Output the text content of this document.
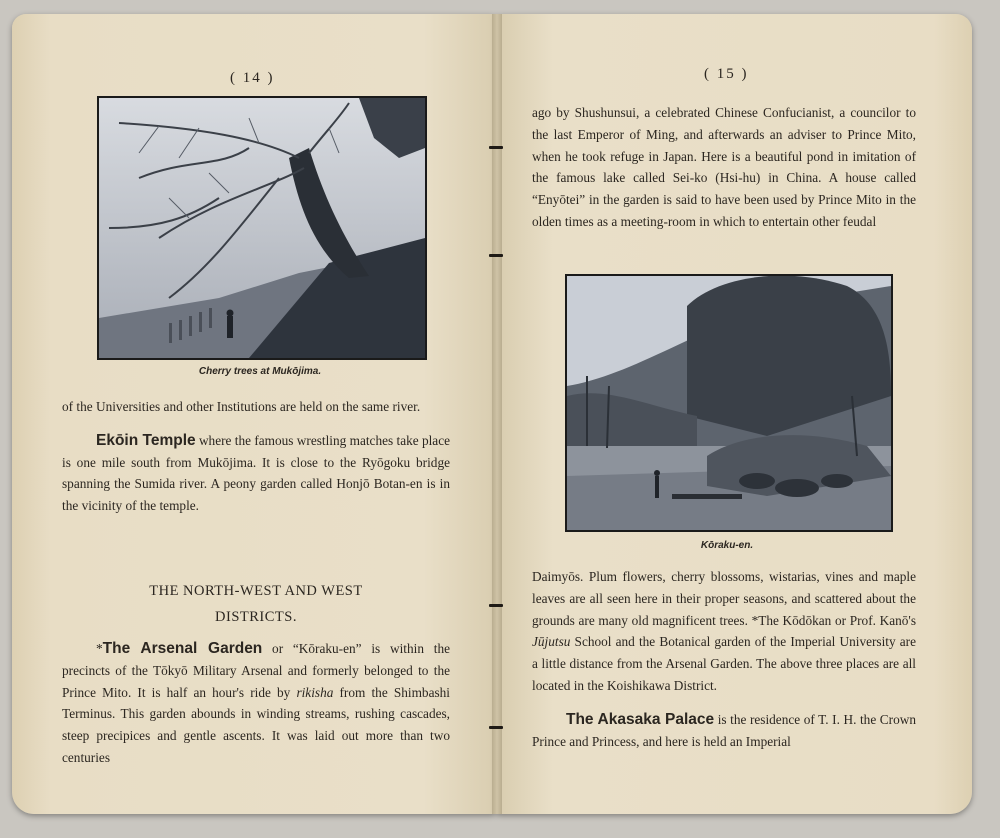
( 14 )
Cherry trees at Mukōjima.

of the Universities and other Institutions are held on the same river.

Ekōin Temple where the famous wrestling matches take place is one mile south from Mukōjima. It is close to the Ryōgoku bridge spanning the Sumida river. A peony garden called Honjō Botan-en is in the vicinity of the temple.

THE NORTH-WEST AND WEST
DISTRICTS.

*The Arsenal Garden or “Kōraku-en” is within the precincts of the Tōkyō Military Arsenal and formerly belonged to the Prince Mito. It is half an hour's ride by rikisha from the Shimbashi Terminus. This garden abounds in winding streams, rushing cascades, steep precipices and gentle ascents. It was laid out more than two centuries

( 15 )

ago by Shushunsui, a celebrated Chinese Confucianist, a councilor to the last Emperor of Ming, and afterwards an adviser to Prince Mito, when he took refuge in Japan. Here is a beautiful pond in imitation of the famous lake called Sei-ko (Hsi-hu) in China. A house called “Enyōtei” in the garden is said to have been used by Prince Mito in the olden times as a meeting-room in which to entertain other feudal

Kōraku-en.

Daimyōs. Plum flowers, cherry blossoms, wistarias, vines and maple leaves are all seen here in their proper seasons, and scattered about the grounds are many old magnificent trees. *The Kōdōkan or Prof. Kanō's Jūjutsu School and the Botanical garden of the Imperial University are a little distance from the Arsenal Garden. The above three places are all located in the Koishikawa District.

The Akasaka Palace is the residence of T. I. H. the Crown Prince and Princess, and here is held an Imperial
